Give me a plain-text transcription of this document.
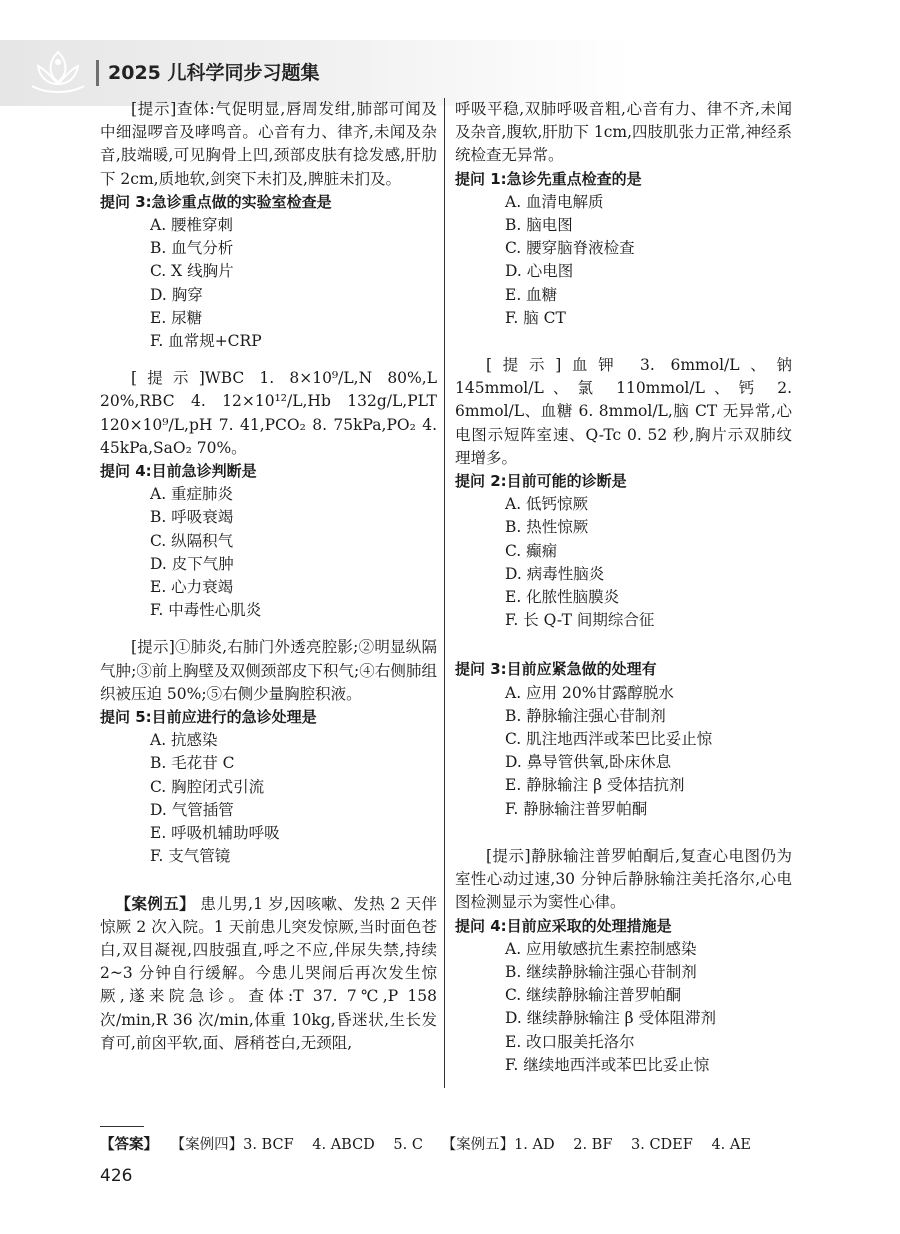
2025 儿科学同步习题集

[提示]查体:气促明显,唇周发绀,肺部可闻及中细湿啰音及哮鸣音。心音有力、律齐,未闻及杂音,肢端暖,可见胸骨上凹,颈部皮肤有捻发感,肝肋下 2cm,质地软,剑突下未扪及,脾脏未扪及。

提问 3:急诊重点做的实验室检查是

A. 腰椎穿刺
B. 血气分析
C. X 线胸片
D. 胸穿
E. 尿糖
F. 血常规+CRP

[提示]WBC 1. 8×10⁹/L,N 80%,L 20%,RBC 4. 12×10¹²/L,Hb 132g/L,PLT 120×10⁹/L,pH 7. 41,PCO₂ 8. 75kPa,PO₂ 4. 45kPa,SaO₂ 70%。

提问 4:目前急诊判断是

A. 重症肺炎
B. 呼吸衰竭
C. 纵隔积气
D. 皮下气肿
E. 心力衰竭
F. 中毒性心肌炎

[提示]①肺炎,右肺门外透亮腔影;②明显纵隔气肿;③前上胸壁及双侧颈部皮下积气;④右侧肺组织被压迫 50%;⑤右侧少量胸腔积液。

提问 5:目前应进行的急诊处理是

A. 抗感染
B. 毛花苷 C
C. 胸腔闭式引流
D. 气管插管
E. 呼吸机辅助呼吸
F. 支气管镜

【案例五】 患儿男,1 岁,因咳嗽、发热 2 天伴惊厥 2 次入院。1 天前患儿突发惊厥,当时面色苍白,双目凝视,四肢强直,呼之不应,伴尿失禁,持续 2~3 分钟自行缓解。今患儿哭闹后再次发生惊厥,遂来院急诊。查体:T 37. 7℃,P 158 次/min,R 36 次/min,体重 10kg,昏迷状,生长发育可,前囟平软,面、唇稍苍白,无颈阻,

呼吸平稳,双肺呼吸音粗,心音有力、律不齐,未闻及杂音,腹软,肝肋下 1cm,四肢肌张力正常,神经系统检查无异常。

提问 1:急诊先重点检查的是

A. 血清电解质
B. 脑电图
C. 腰穿脑脊液检查
D. 心电图
E. 血糖
F. 脑 CT

[提示]血钾 3. 6mmol/L、钠 145mmol/L、氯 110mmol/L、钙 2. 6mmol/L、血糖 6. 8mmol/L,脑 CT 无异常,心电图示短阵室速、Q-Tc 0. 52 秒,胸片示双肺纹理增多。

提问 2:目前可能的诊断是

A. 低钙惊厥
B. 热性惊厥
C. 癫痫
D. 病毒性脑炎
E. 化脓性脑膜炎
F. 长 Q-T 间期综合征

提问 3:目前应紧急做的处理有

A. 应用 20%甘露醇脱水
B. 静脉输注强心苷制剂
C. 肌注地西泮或苯巴比妥止惊
D. 鼻导管供氧,卧床休息
E. 静脉输注 β 受体拮抗剂
F. 静脉输注普罗帕酮

[提示]静脉输注普罗帕酮后,复查心电图仍为室性心动过速,30 分钟后静脉输注美托洛尔,心电图检测显示为窦性心律。

提问 4:目前应采取的处理措施是

A. 应用敏感抗生素控制感染
B. 继续静脉输注强心苷制剂
C. 继续静脉输注普罗帕酮
D. 继续静脉输注 β 受体阻滞剂
E. 改口服美托洛尔
F. 继续地西泮或苯巴比妥止惊
【答案】 【案例四】3. BCF 4. ABCD 5. C 【案例五】1. AD 2. BF 3. CDEF 4. AE
426
